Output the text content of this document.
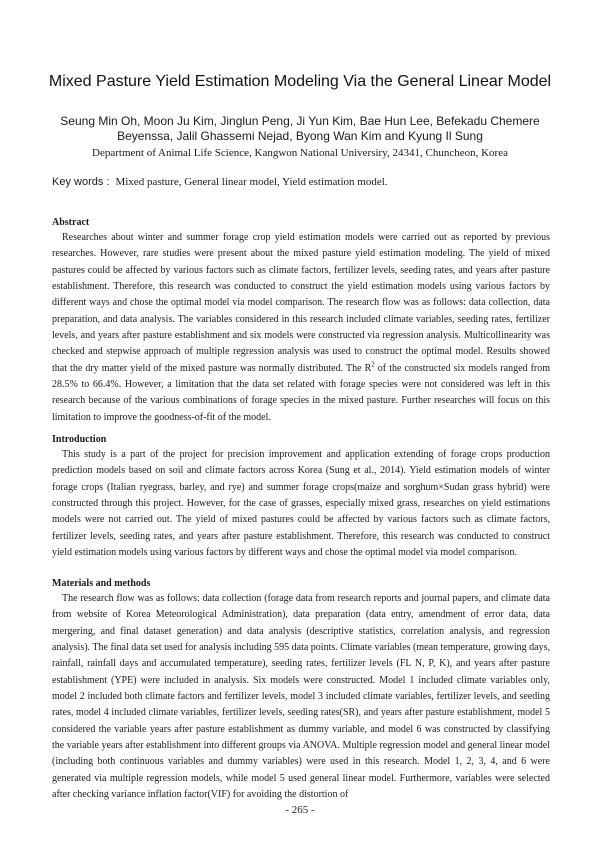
Mixed Pasture Yield Estimation Modeling Via the General Linear Model
Seung Min Oh, Moon Ju Kim, Jinglun Peng, Ji Yun Kim, Bae Hun Lee, Befekadu Chemere Beyenssa, Jalil Ghassemi Nejad, Byong Wan Kim and Kyung Il Sung
Department of Animal Life Science, Kangwon National Universiry, 24341, Chuncheon, Korea
Key words : Mixed pasture, General linear model, Yield estimation model.
Abstract

Researches about winter and summer forage crop yield estimation models were carried out as reported by previous researches. However, rare studies were present about the mixed pasture yield estimation modeling. The yield of mixed pastures could be affected by various factors such as climate factors, fertilizer levels, seeding rates, and years after pasture establishment. Therefore, this research was conducted to construct the yield estimation models using various factors by different ways and chose the optimal model via model comparison. The research flow was as follows: data collection, data preparation, and data analysis. The variables considered in this research included climate variables, seeding rates, fertilizer levels, and years after pasture establishment and six models were constructed via regression analysis. Multicollinearity was checked and stepwise approach of multiple regression analysis was used to construct the optimal model. Results showed that the dry matter yield of the mixed pasture was normally distributed. The $R^2$ of the constructed six models ranged from 28.5% to 66.4%. However, a limitation that the data set related with forage species were not considered was left in this research because of the various combinations of forage species in the mixed pasture. Further researches will focus on this limitation to improve the goodness-of-fit of the model.

Introduction

This study is a part of the project for precision improvement and application extending of forage crops production prediction models based on soil and climate factors across Korea (Sung et al., 2014). Yield estimation models of winter forage crops (Italian ryegrass, barley, and rye) and summer forage crops(maize and sorghum×Sudan grass hybrid) were constructed through this project. However, for the case of grasses, especially mixed grass, researches on yield estimations models were not carried out. The yield of mixed pastures could be affected by various factors such as climate factors, fertilizer levels, seeding rates, and years after pasture establishment. Therefore, this research was conducted to construct yield estimation models using various factors by different ways and chose the optimal model via model comparison.

Materials and methods

The research flow was as follows: data collection (forage data from research reports and journal papers, and climate data from website of Korea Meteorological Administration), data preparation (data entry, amendment of error data, data mergering, and final dataset generation) and data analysis (descriptive statistics, correlation analysis, and regression analysis). The final data set used for analysis including 595 data points. Climate variables (mean temperature, growing days, rainfall, rainfall days and accumulated temperature), seeding rates, fertilizer levels (FL N, P, K), and years after pasture establishment (YPE) were included in analysis. Six models were constructed. Model 1 included climate variables only, model 2 included both climate factors and fertilizer levels, model 3 included climate variables, fertilizer levels, and seeding rates, model 4 included climate variables, fertilizer levels, seeding rates(SR), and years after pasture establishment, model 5 considered the variable years after pasture establishment as dummy variable, and model 6 was constructed by classifying the variable years after establishment into different groups via ANOVA. Multiple regression model and general linear model (including both continuous variables and dummy variables) were used in this research. Model 1, 2, 3, 4, and 6 were generated via multiple regression models, while model 5 used general linear model. Furthermore, variables were selected after checking variance inflation factor(VIF) for avoiding the distortion of

- 265 -
